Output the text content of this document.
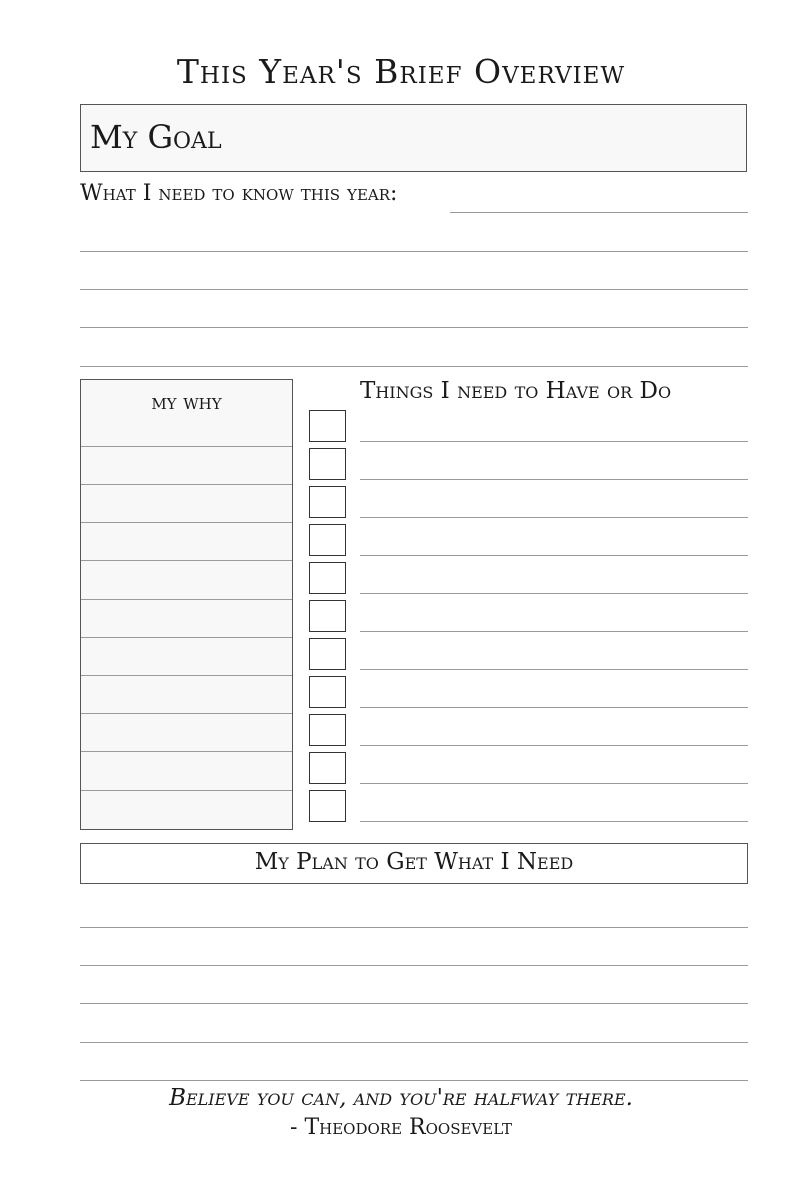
This Year's Brief Overview
My Goal
What I need to know this year:
my why	Things I need to Have or Do
My Plan to Get What I Need
Believe you can, and you're halfway there.
- Theodore Roosevelt
